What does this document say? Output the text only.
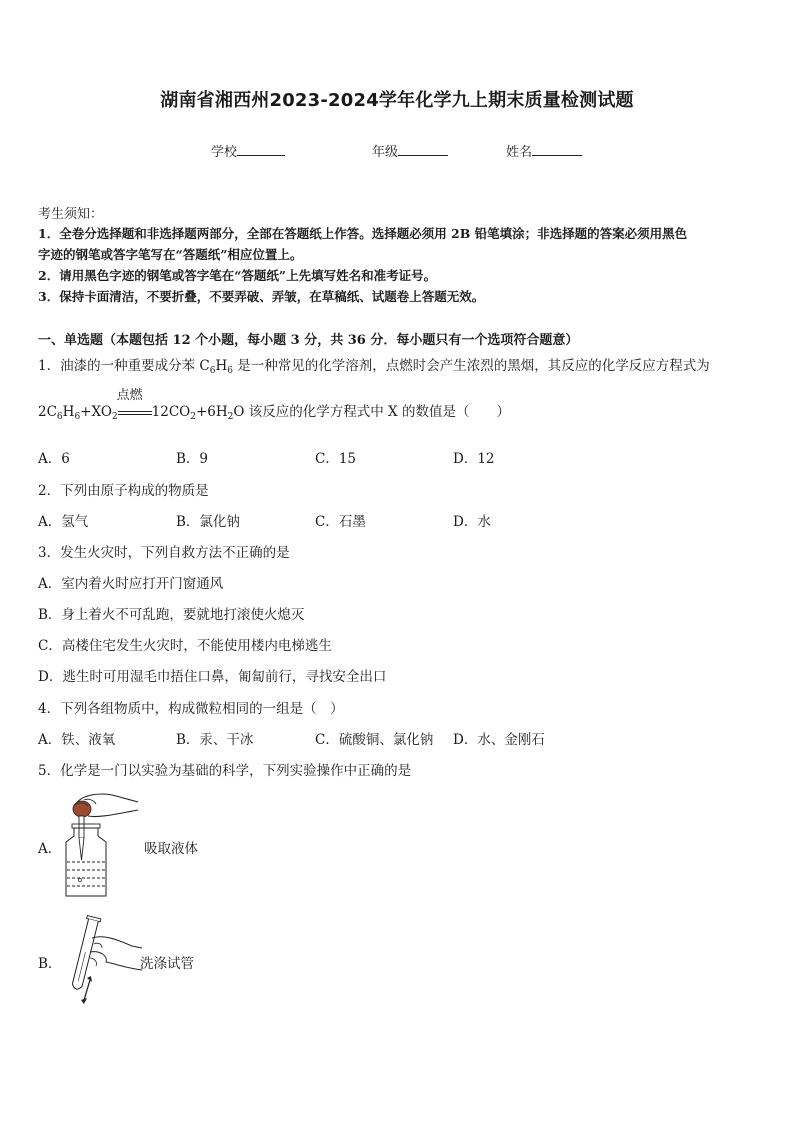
湖南省湘西州2023-2024学年化学九上期末质量检测试题
学校	年级	姓名
考生须知：
1．全卷分选择题和非选择题两部分，全部在答题纸上作答。选择题必须用 2B 铅笔填涂；非选择题的答案必须用黑色
字迹的钢笔或答字笔写在“答题纸”相应位置上。
2．请用黑色字迹的钢笔或答字笔在“答题纸”上先填写姓名和准考证号。
3．保持卡面清洁，不要折叠，不要弄破、弄皱，在草稿纸、试题卷上答题无效。
一、单选题（本题包括 12 个小题，每小题 3 分，共 36 分．每小题只有一个选项符合题意）
1．油漆的一种重要成分苯 $C_6H_6$ 是一种常见的化学溶剂，点燃时会产生浓烈的黑烟，其反应的化学反应方程式为
$2C_6H_6+XO_2$
点燃
$12CO_2+6H_2O$ 该反应的化学方程式中 X 的数值是（　　）
A．6	B．9	C．15	D．12
2．下列由原子构成的物质是
A．氢气	B．氯化钠	C．石墨	D．水
3．发生火灾时，下列自救方法不正确的是
A．室内着火时应打开门窗通风
B．身上着火不可乱跑，要就地打滚使火熄灭
C．高楼住宅发生火灾时，不能使用楼内电梯逃生
D．逃生时可用湿毛巾捂住口鼻，匍匐前行，寻找安全出口
4．下列各组物质中，构成微粒相同的一组是（　）
A．铁、液氧	B．汞、干冰	C．硫酸铜、氯化钠 D．水、金刚石
5．化学是一门以实验为基础的科学，下列实验操作中正确的是
A．	吸取液体
B．	洗涤试管
